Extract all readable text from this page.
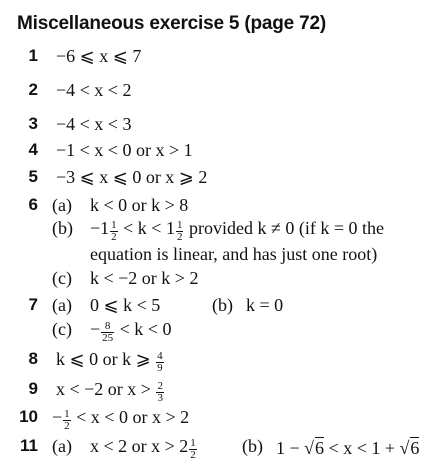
Miscellaneous exercise 5 (page 72)
1 −6 ⩽ x ⩽ 7
2 −4 < x < 2
3 −4 < x < 3
4 −1 < x < 0 or x > 1
5 −3 ⩽ x ⩽ 0 or x ⩾ 2
6 (a) k < 0 or k > 8
$(b) -1 \frac{1}{2} < k < 1 \frac{1}{2}$ provided k ≠ 0 (if k = 0 the
equation is linear, and has just one root)
(c) k < −2 or k > 2
7 (a) 0 ⩽ k < 5	(b) k = 0
$(c) - \frac{8}{25} < k < 0$
8 k ⩽ 0 or k ⩾ $\frac{4}{9}$
9 x < −2 or $x > \frac{2}{3}$
$10 - \frac{1}{2} < x < 0$ or x > 2
11 (a) x < 2 or $x > 2 \frac{1}{2}$	(b) 1 − √6 < x < 1 + √6
